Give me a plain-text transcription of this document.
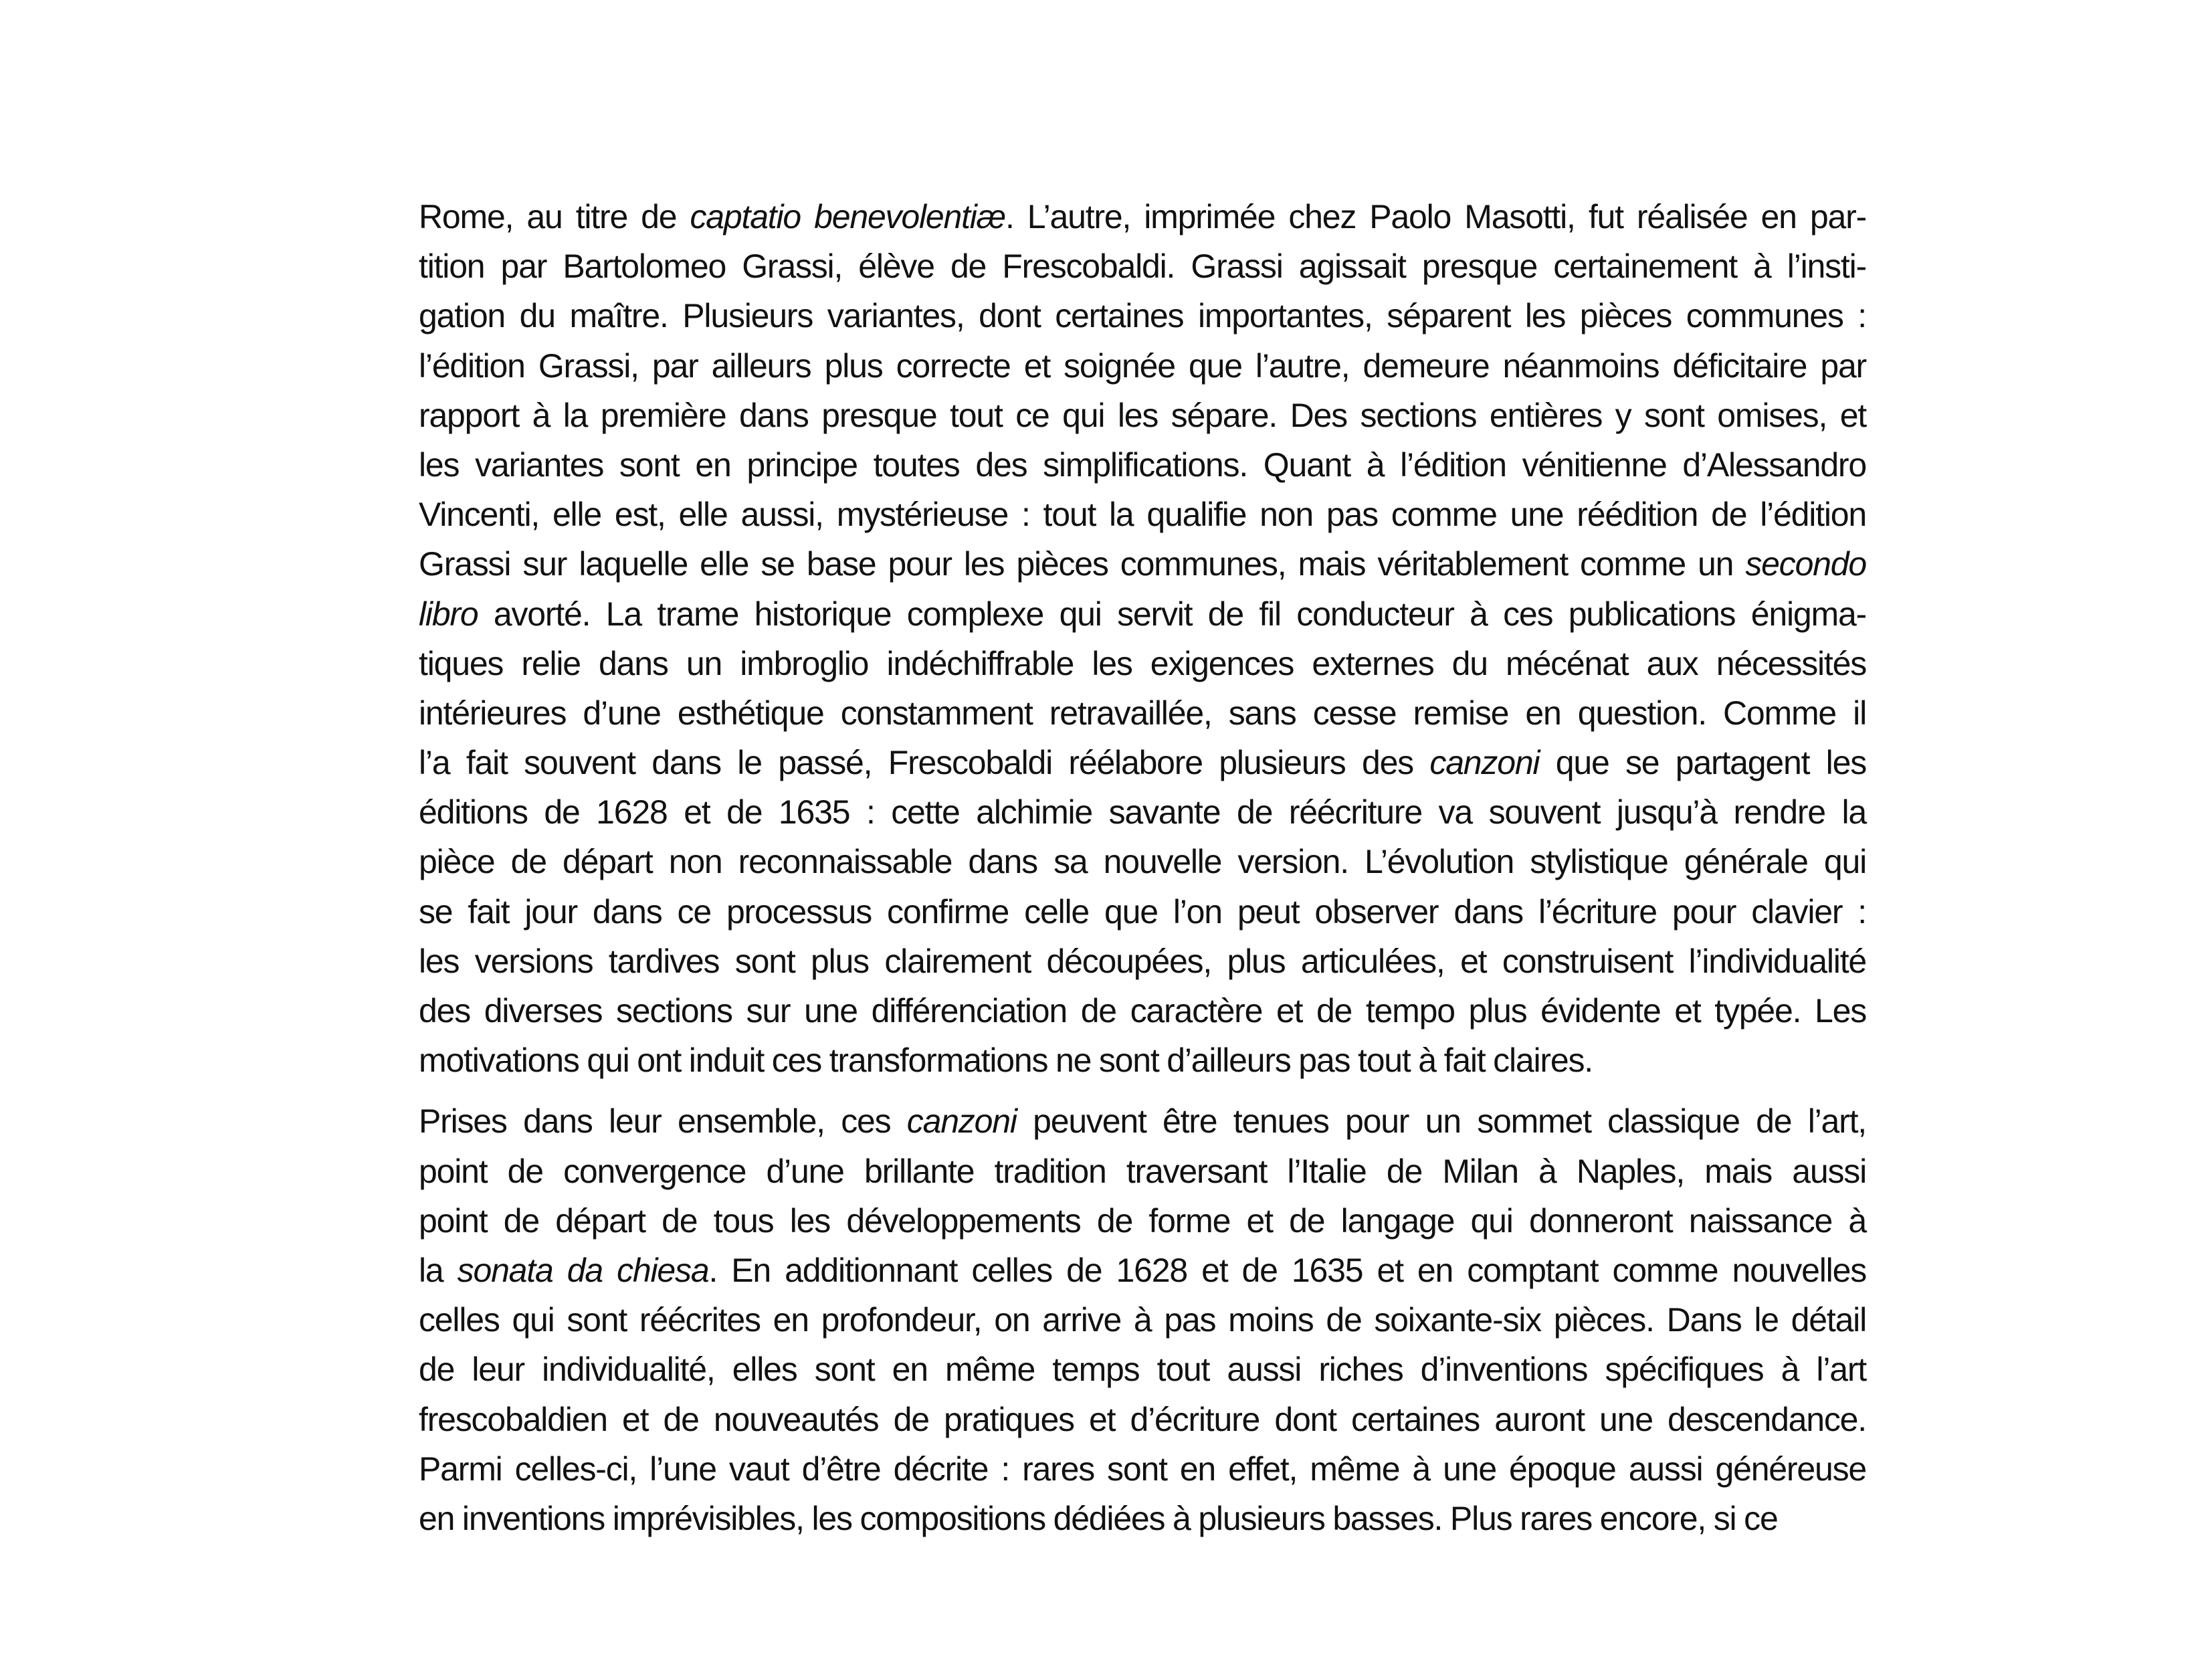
Rome, au titre de captatio benevolentiæ. L’autre, imprimée chez Paolo Masotti, fut réalisée en par-
tition par Bartolomeo Grassi, élève de Frescobaldi. Grassi agissait presque certainement à l’insti-
gation du maître. Plusieurs variantes, dont certaines importantes, séparent les pièces communes :
l’édition Grassi, par ailleurs plus correcte et soignée que l’autre, demeure néanmoins déficitaire par
rapport à la première dans presque tout ce qui les sépare. Des sections entières y sont omises, et
les variantes sont en principe toutes des simplifications. Quant à l’édition vénitienne d’Alessandro
Vincenti, elle est, elle aussi, mystérieuse : tout la qualifie non pas comme une réédition de l’édition
Grassi sur laquelle elle se base pour les pièces communes, mais véritablement comme un secondo
libro avorté. La trame historique complexe qui servit de fil conducteur à ces publications énigma-
tiques relie dans un imbroglio indéchiffrable les exigences externes du mécénat aux nécessités
intérieures d’une esthétique constamment retravaillée, sans cesse remise en question. Comme il
l’a fait souvent dans le passé, Frescobaldi réélabore plusieurs des canzoni que se partagent les
éditions de 1628 et de 1635 : cette alchimie savante de réécriture va souvent jusqu’à rendre la
pièce de départ non reconnaissable dans sa nouvelle version. L’évolution stylistique générale qui
se fait jour dans ce processus confirme celle que l’on peut observer dans l’écriture pour clavier :
les versions tardives sont plus clairement découpées, plus articulées, et construisent l’individualité
des diverses sections sur une différenciation de caractère et de tempo plus évidente et typée. Les
motivations qui ont induit ces transformations ne sont d’ailleurs pas tout à fait claires.

Prises dans leur ensemble, ces canzoni peuvent être tenues pour un sommet classique de l’art,
point de convergence d’une brillante tradition traversant l’Italie de Milan à Naples, mais aussi
point de départ de tous les développements de forme et de langage qui donneront naissance à
la sonata da chiesa. En additionnant celles de 1628 et de 1635 et en comptant comme nouvelles
celles qui sont réécrites en profondeur, on arrive à pas moins de soixante-six pièces. Dans le détail
de leur individualité, elles sont en même temps tout aussi riches d’inventions spécifiques à l’art
frescobaldien et de nouveautés de pratiques et d’écriture dont certaines auront une descendance.
Parmi celles-ci, l’une vaut d’être décrite : rares sont en effet, même à une époque aussi généreuse
en inventions imprévisibles, les compositions dédiées à plusieurs basses. Plus rares encore, si ce
